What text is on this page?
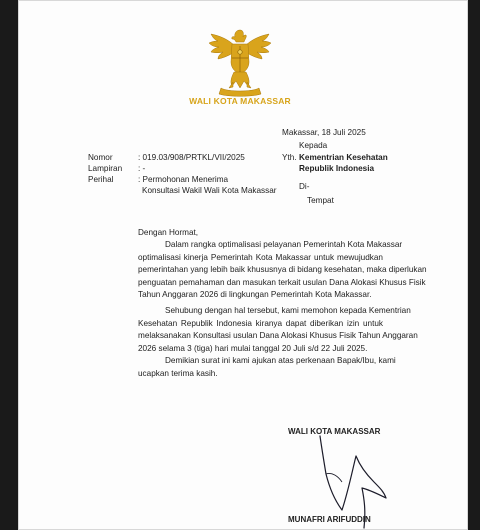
WALI KOTA MAKASSAR
Makassar, 18 Juli 2025
Kepada
Yth. Kementrian Kesehatan
Republik Indonesia
Di-
Tempat
Nomor	: 019.03/908/PRTKL/VII/2025
Lampiran : -
Perihal	: Permohonan Menerima
Konsultasi Wakil Wali Kota Makassar
Dengan Hormat,
Dalam rangka optimalisasi pelayanan Pemerintah Kota Makassar
optimalisasi kinerja Pemerintah Kota Makassar untuk mewujudkan
pemerintahan yang lebih baik khususnya di bidang kesehatan, maka diperlukan
penguatan pemahaman dan masukan terkait usulan Dana Alokasi Khusus Fisik
Tahun Anggaran 2026 di lingkungan Pemerintah Kota Makassar.
Sehubung dengan hal tersebut, kami memohon kepada Kementrian
Kesehatan Republik Indonesia kiranya dapat diberikan izin untuk
melaksanakan Konsultasi usulan Dana Alokasi Khusus Fisik Tahun Anggaran
2026 selama 3 (tiga) hari mulai tanggal 20 Juli s/d 22 Juli 2025.
Demikian surat ini kami ajukan atas perkenaan Bapak/Ibu, kami
ucapkan terima kasih.
WALI KOTA MAKASSAR
MUNAFRI ARIFUDDIN
